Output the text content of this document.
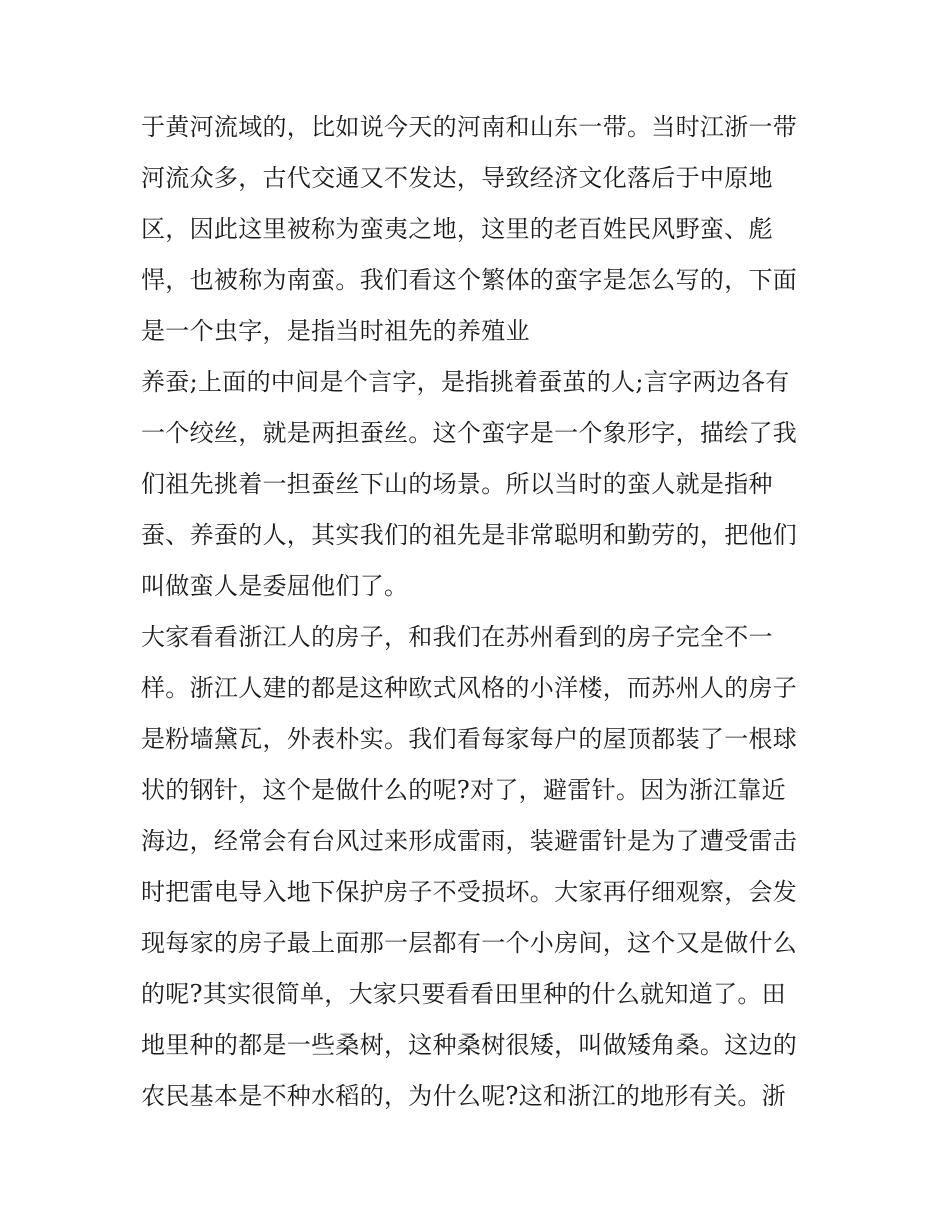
于黄河流域的，比如说今天的河南和山东一带。当时江浙一带
河流众多，古代交通又不发达，导致经济文化落后于中原地
区，因此这里被称为蛮夷之地，这里的老百姓民风野蛮、彪
悍，也被称为南蛮。我们看这个繁体的蛮字是怎么写的，下面
是一个虫字，是指当时祖先的养殖业
养蚕;上面的中间是个言字，是指挑着蚕茧的人;言字两边各有
一个绞丝，就是两担蚕丝。这个蛮字是一个象形字，描绘了我
们祖先挑着一担蚕丝下山的场景。所以当时的蛮人就是指种
蚕、养蚕的人，其实我们的祖先是非常聪明和勤劳的，把他们
叫做蛮人是委屈他们了。
大家看看浙江人的房子，和我们在苏州看到的房子完全不一
样。浙江人建的都是这种欧式风格的小洋楼，而苏州人的房子
是粉墙黛瓦，外表朴实。我们看每家每户的屋顶都装了一根球
状的钢针，这个是做什么的呢?对了，避雷针。因为浙江靠近
海边，经常会有台风过来形成雷雨，装避雷针是为了遭受雷击
时把雷电导入地下保护房子不受损坏。大家再仔细观察，会发
现每家的房子最上面那一层都有一个小房间，这个又是做什么
的呢?其实很简单，大家只要看看田里种的什么就知道了。田
地里种的都是一些桑树，这种桑树很矮，叫做矮角桑。这边的
农民基本是不种水稻的，为什么呢?这和浙江的地形有关。浙
